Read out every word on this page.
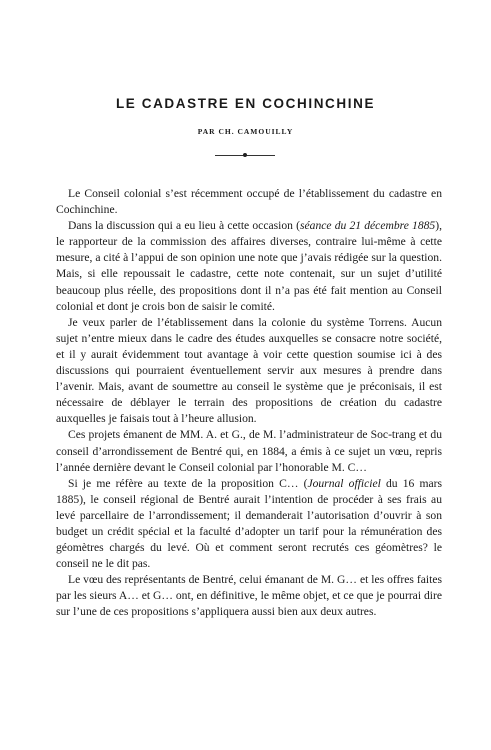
LE CADASTRE EN COCHINCHINE
PAR CH. CAMOUILLY

Le Conseil colonial s’est récemment occupé de l’établissement du cadastre en Cochinchine.

Dans la discussion qui a eu lieu à cette occasion (séance du 21 décembre 1885), le rapporteur de la commission des affaires diverses, contraire lui-même à cette mesure, a cité à l’appui de son opinion une note que j’avais rédigée sur la question. Mais, si elle repoussait le cadastre, cette note contenait, sur un sujet d’utilité beaucoup plus réelle, des propositions dont il n’a pas été fait mention au Conseil colonial et dont je crois bon de saisir le comité.

Je veux parler de l’établissement dans la colonie du système Torrens. Aucun sujet n’entre mieux dans le cadre des études auxquelles se consacre notre société, et il y aurait évidemment tout avantage à voir cette question soumise ici à des discussions qui pourraient éventuellement servir aux mesures à prendre dans l’avenir. Mais, avant de soumettre au conseil le système que je préconisais, il est nécessaire de déblayer le terrain des propositions de création du cadastre auxquelles je faisais tout à l’heure allusion.

Ces projets émanent de MM. A. et G., de M. l’administrateur de Soc-trang et du conseil d’arrondissement de Bentré qui, en 1884, a émis à ce sujet un vœu, repris l’année dernière devant le Conseil colonial par l’honorable M. C…

Si je me réfère au texte de la proposition C… (Journal officiel du 16 mars 1885), le conseil régional de Bentré aurait l’intention de procéder à ses frais au levé parcellaire de l’arrondissement; il demanderait l’autorisation d’ouvrir à son budget un crédit spécial et la faculté d’adopter un tarif pour la rémunération des géomètres chargés du levé. Où et comment seront recrutés ces géomètres? le conseil ne le dit pas.

Le vœu des représentants de Bentré, celui émanant de M. G… et les offres faites par les sieurs A… et G… ont, en définitive, le même objet, et ce que je pourrai dire sur l’une de ces propositions s’appliquera aussi bien aux deux autres.
